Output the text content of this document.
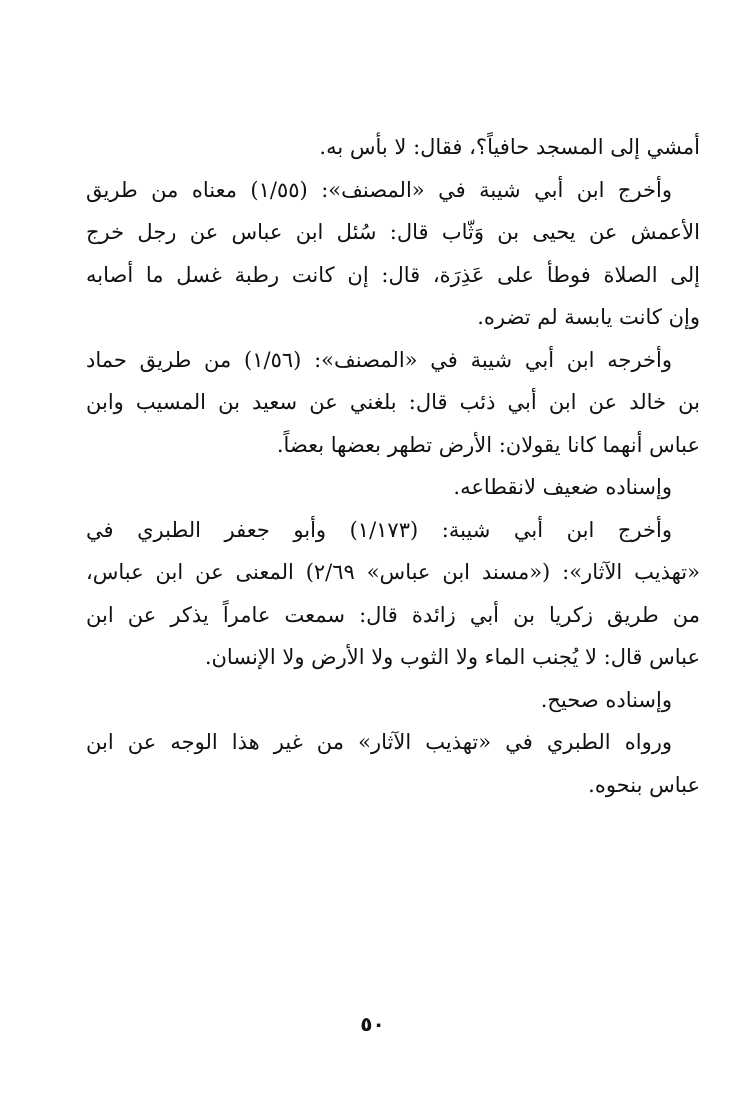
أمشي إلى المسجد حافياً؟، فقال: لا بأس به.
وأخرج ابن أبي شيبة في «المصنف»: (١/٥٥) معناه من طريق
الأعمش عن يحيى بن وَثّاب قال: سُئل ابن عباس عن رجل خرج
إلى الصلاة فوطأ على عَذِرَة، قال: إن كانت رطبة غسل ما أصابه
وإن كانت يابسة لم تضره.
وأخرجه ابن أبي شيبة في «المصنف»: (١/٥٦) من طريق حماد
بن خالد عن ابن أبي ذئب قال: بلغني عن سعيد بن المسيب وابن
عباس أنهما كانا يقولان: الأرض تطهر بعضها بعضاً.
وإسناده ضعيف لانقطاعه.
وأخرج ابن أبي شيبة: (١/١٧٣) وأبو جعفر الطبري في
«تهذيب الآثار»: («مسند ابن عباس» ٢/٦٩) المعنى عن ابن عباس،
من طريق زكريا بن أبي زائدة قال: سمعت عامراً يذكر عن ابن
عباس قال: لا يُجنب الماء ولا الثوب ولا الأرض ولا الإنسان.
وإسناده صحيح.
ورواه الطبري في «تهذيب الآثار» من غير هذا الوجه عن ابن
عباس بنحوه.
٥٠
